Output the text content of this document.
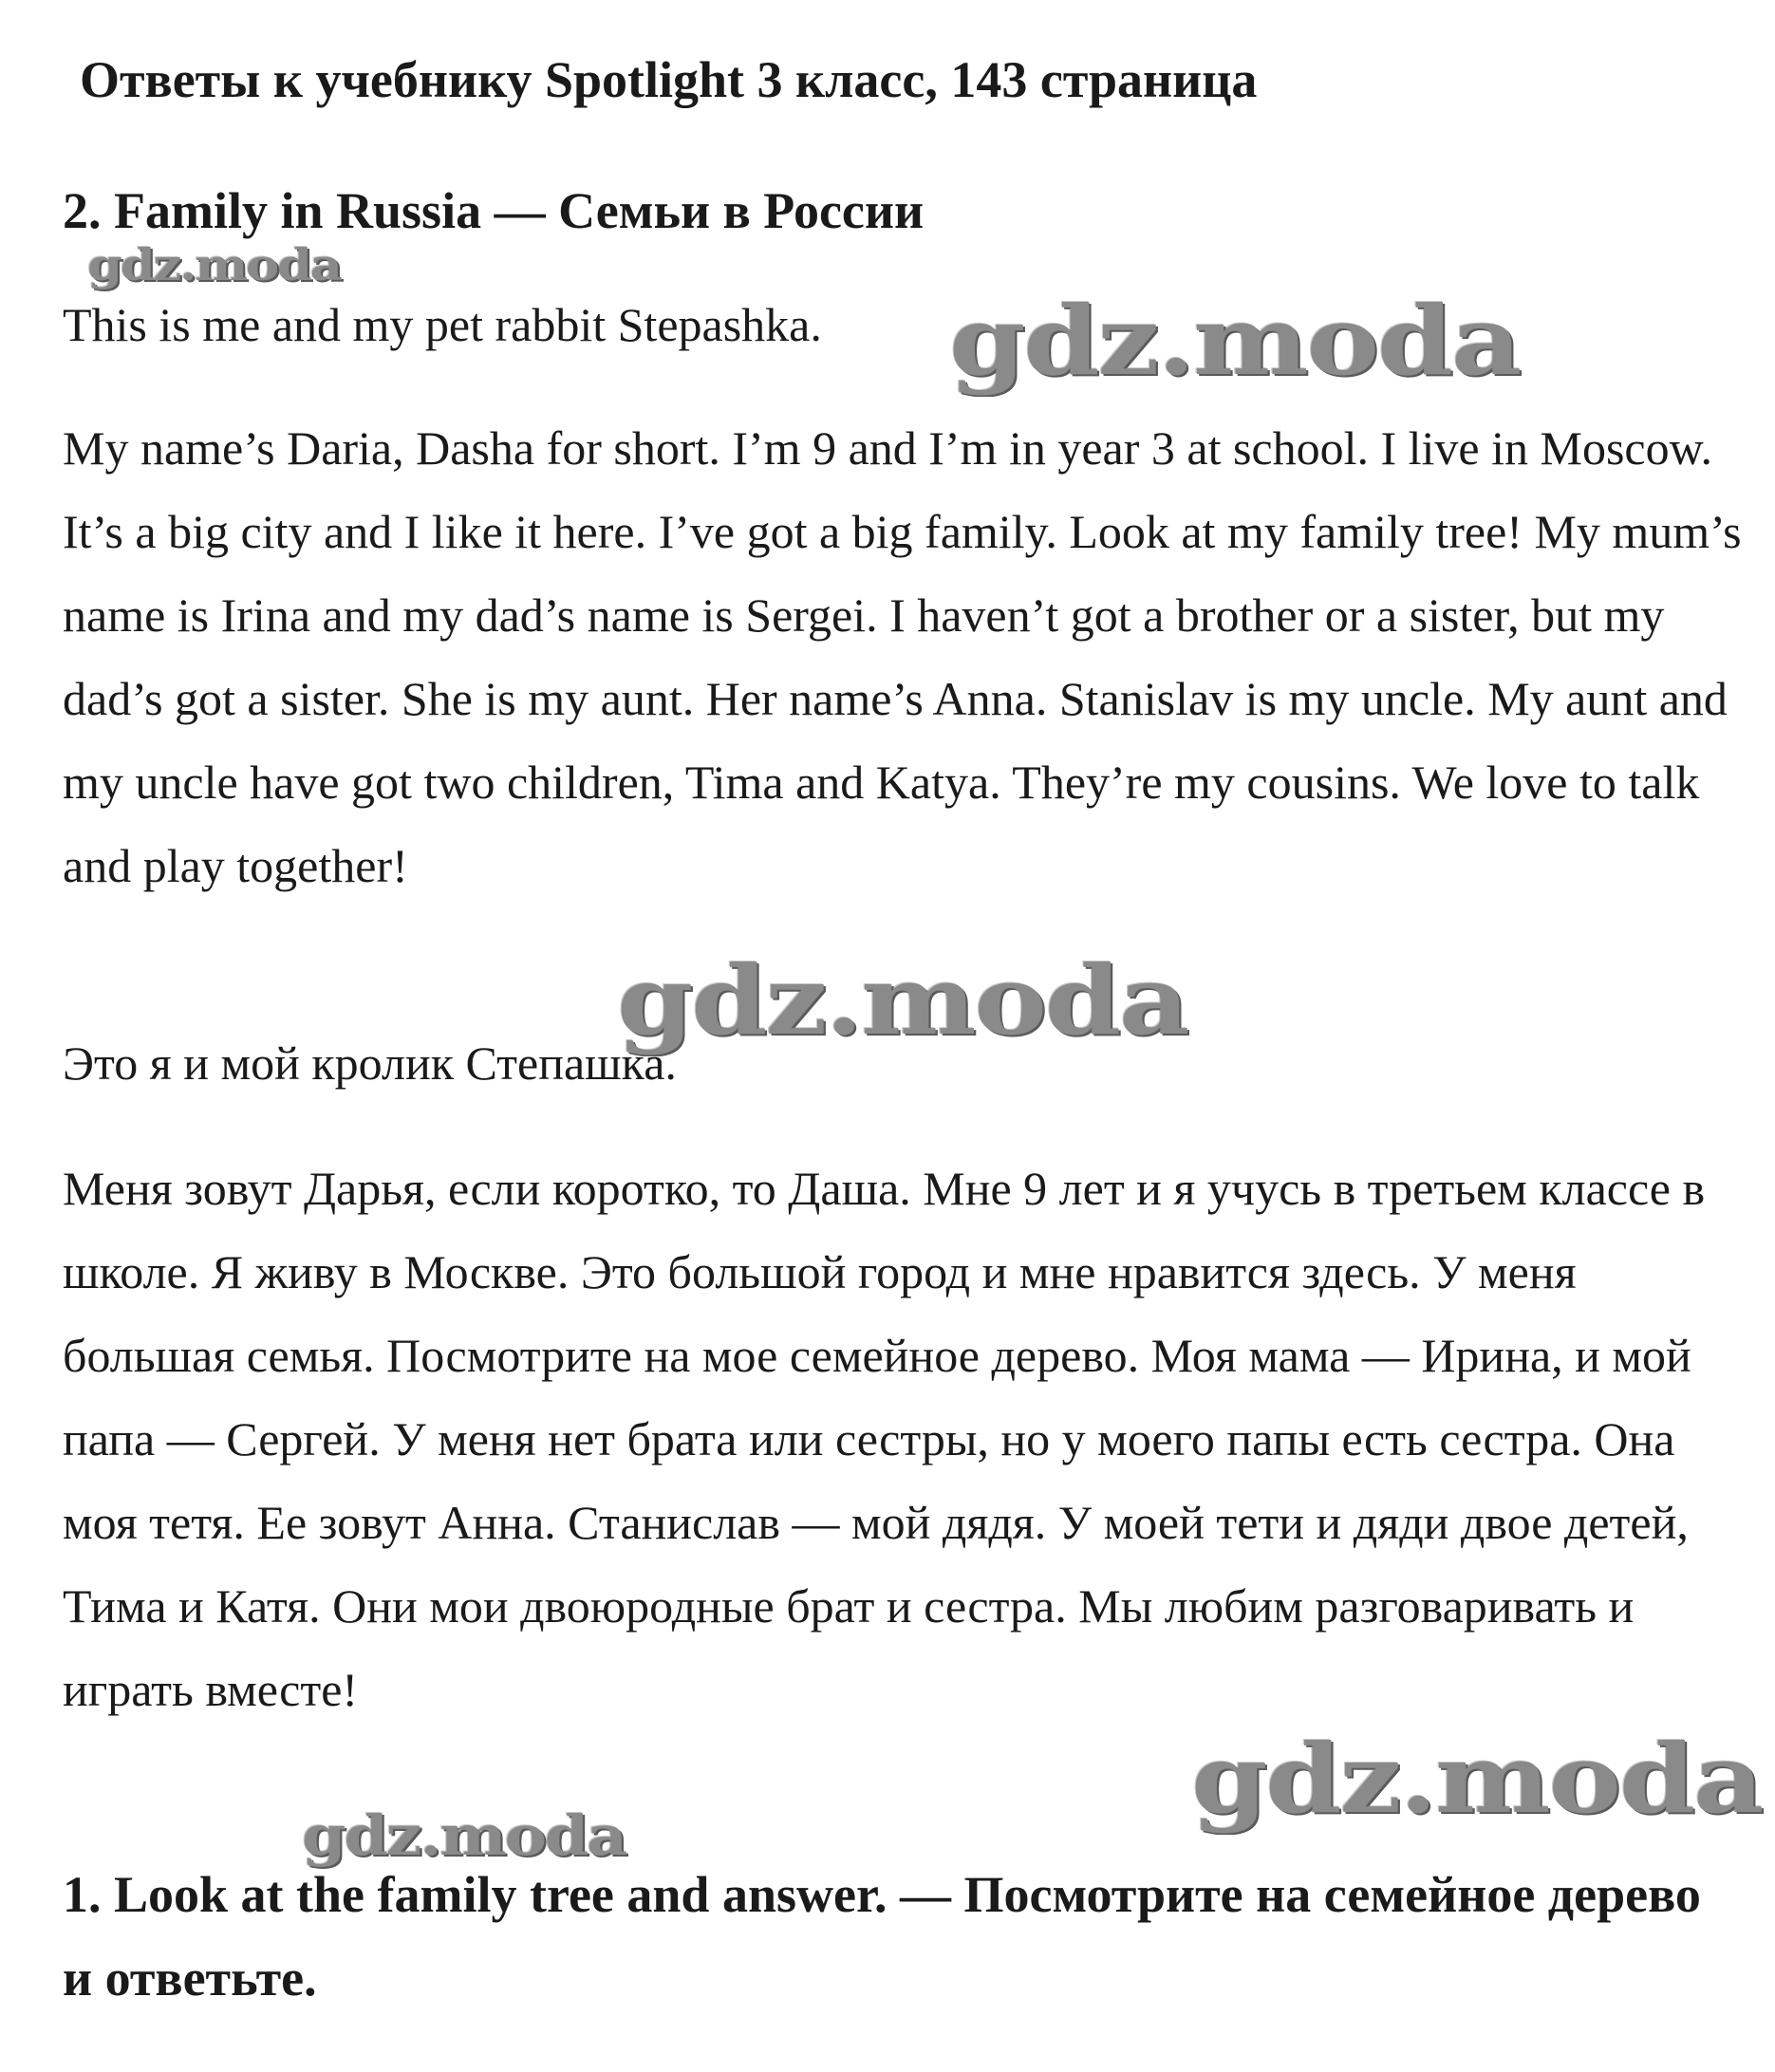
Ответы к учебнику Spotlight 3 класс, 143 страница
2. Family in Russia — Семьи в России
gdz.moda

This is me and my pet rabbit Stepashka.	gdz.moda

My name’s Daria, Dasha for short. I’m 9 and I’m in year 3 at school. I live in Moscow. It’s a big city and I like it here. I’ve got a big family. Look at my family tree! My mum’s name is Irina and my dad’s name is Sergei. I haven’t got a brother or a sister, but my dad’s got a sister. She is my aunt. Her name’s Anna. Stanislav is my uncle. My aunt and my uncle have got two children, Tima and Katya. They’re my cousins. We love to talk and play together!

gdz.moda

Это я и мой кролик Степашка.

Меня зовут Дарья, если коротко, то Даша. Мне 9 лет и я учусь в третьем классе в школе. Я живу в Москве. Это большой город и мне нравится здесь. У меня большая семья. Посмотрите на мое семейное дерево. Моя мама — Ирина, и мой папа — Сергей. У меня нет брата или сестры, но у моего папы есть сестра. Она моя тетя. Ее зовут Анна. Станислав — мой дядя. У моей тети и дяди двое детей, Тима и Катя. Они мои двоюродные брат и сестра. Мы любим разговаривать и играть вместе!

gdz.moda
gdz.moda
1. Look at the family tree and answer. — Посмотрите на семейное дерево и ответьте.
